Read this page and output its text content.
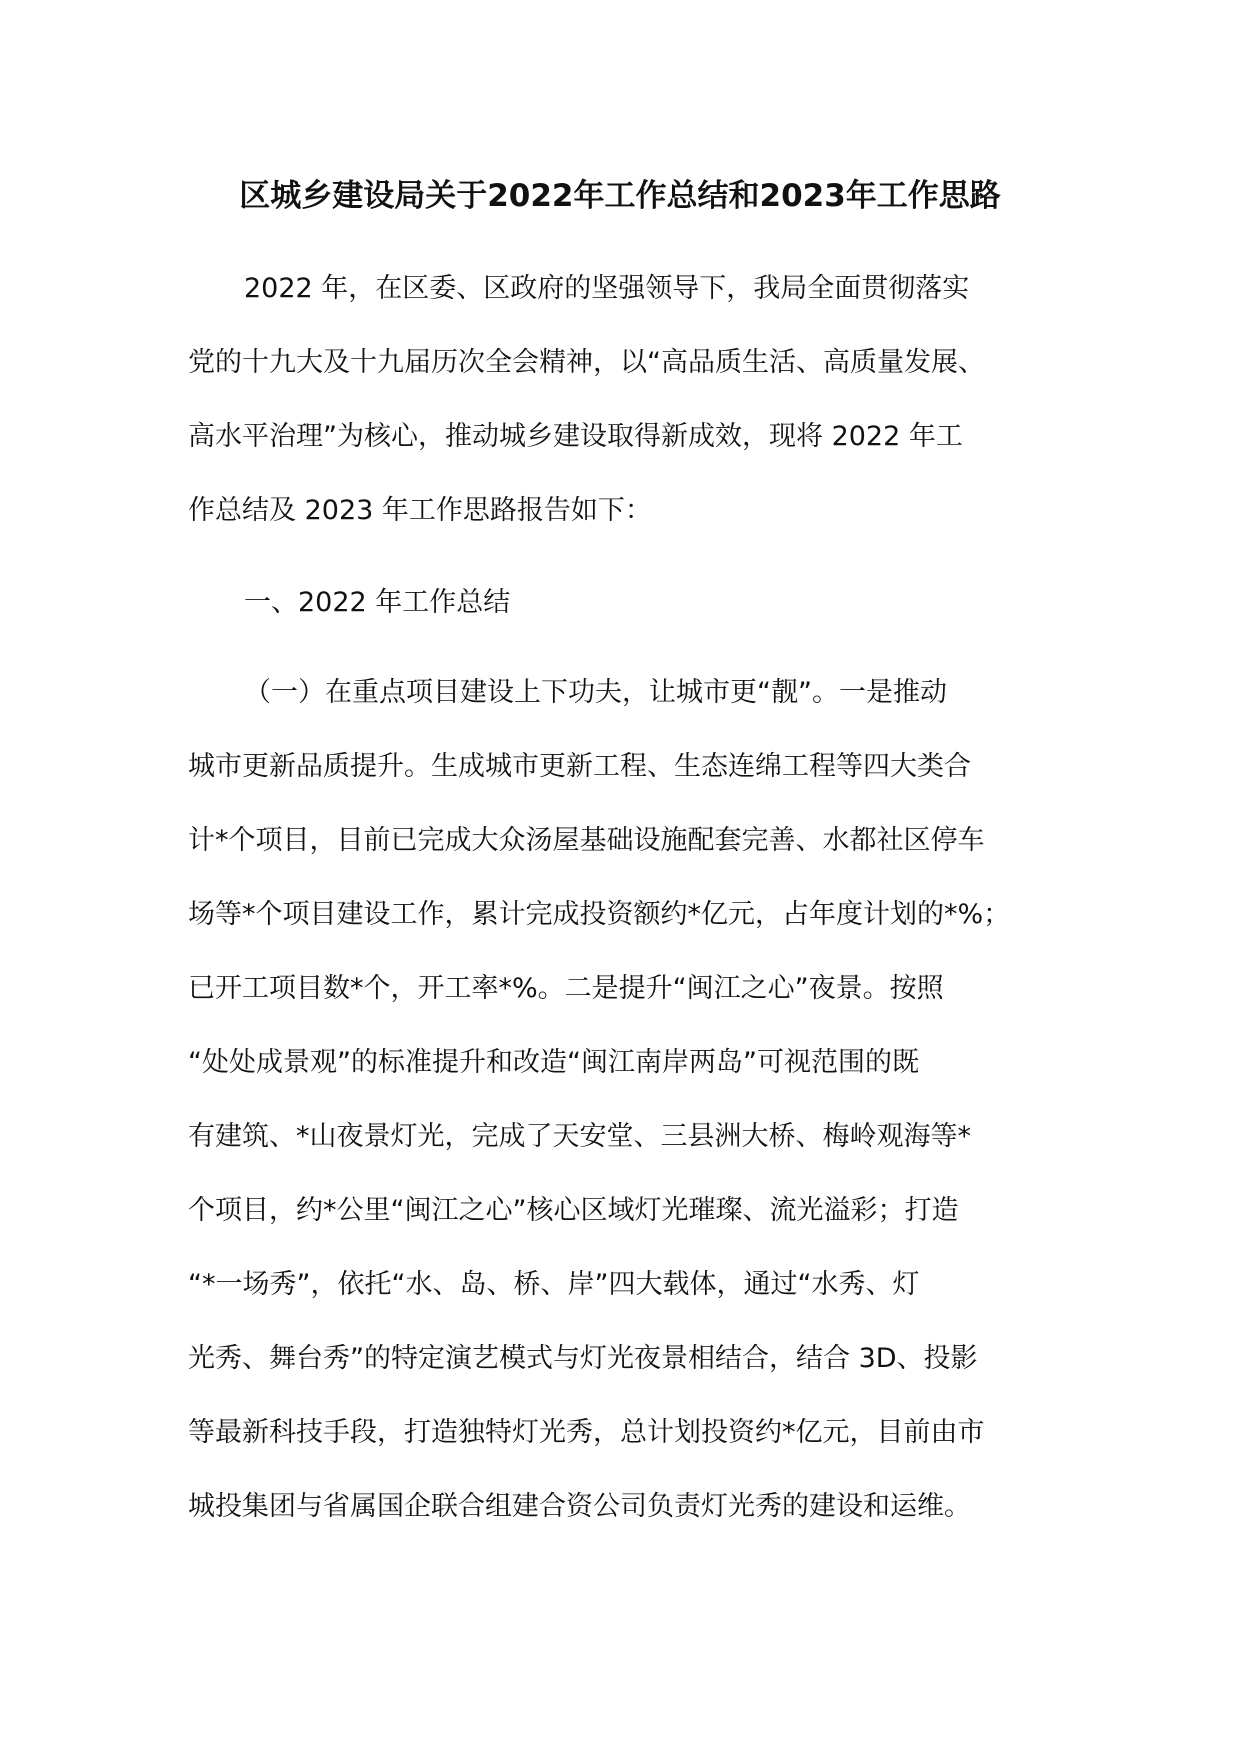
区城乡建设局关于2022年工作总结和2023年工作思路
2022 年，在区委、区政府的坚强领导下，我局全面贯彻落实
党的十九大及十九届历次全会精神，以“高品质生活、高质量发展、
高水平治理”为核心，推动城乡建设取得新成效，现将 2022 年工
作总结及 2023 年工作思路报告如下：
一、2022 年工作总结
（一）在重点项目建设上下功夫，让城市更“靓”。一是推动
城市更新品质提升。生成城市更新工程、生态连绵工程等四大类合
计*个项目，目前已完成大众汤屋基础设施配套完善、水都社区停车
场等*个项目建设工作，累计完成投资额约*亿元，占年度计划的*%；
已开工项目数*个，开工率*%。二是提升“闽江之心”夜景。按照
“处处成景观”的标准提升和改造“闽江南岸两岛”可视范围的既
有建筑、*山夜景灯光，完成了天安堂、三县洲大桥、梅岭观海等*
个项目，约*公里“闽江之心”核心区域灯光璀璨、流光溢彩；打造
“*一场秀”，依托“水、岛、桥、岸”四大载体，通过“水秀、灯
光秀、舞台秀”的特定演艺模式与灯光夜景相结合，结合 3D、投影
等最新科技手段，打造独特灯光秀，总计划投资约*亿元，目前由市
城投集团与省属国企联合组建合资公司负责灯光秀的建设和运维。
